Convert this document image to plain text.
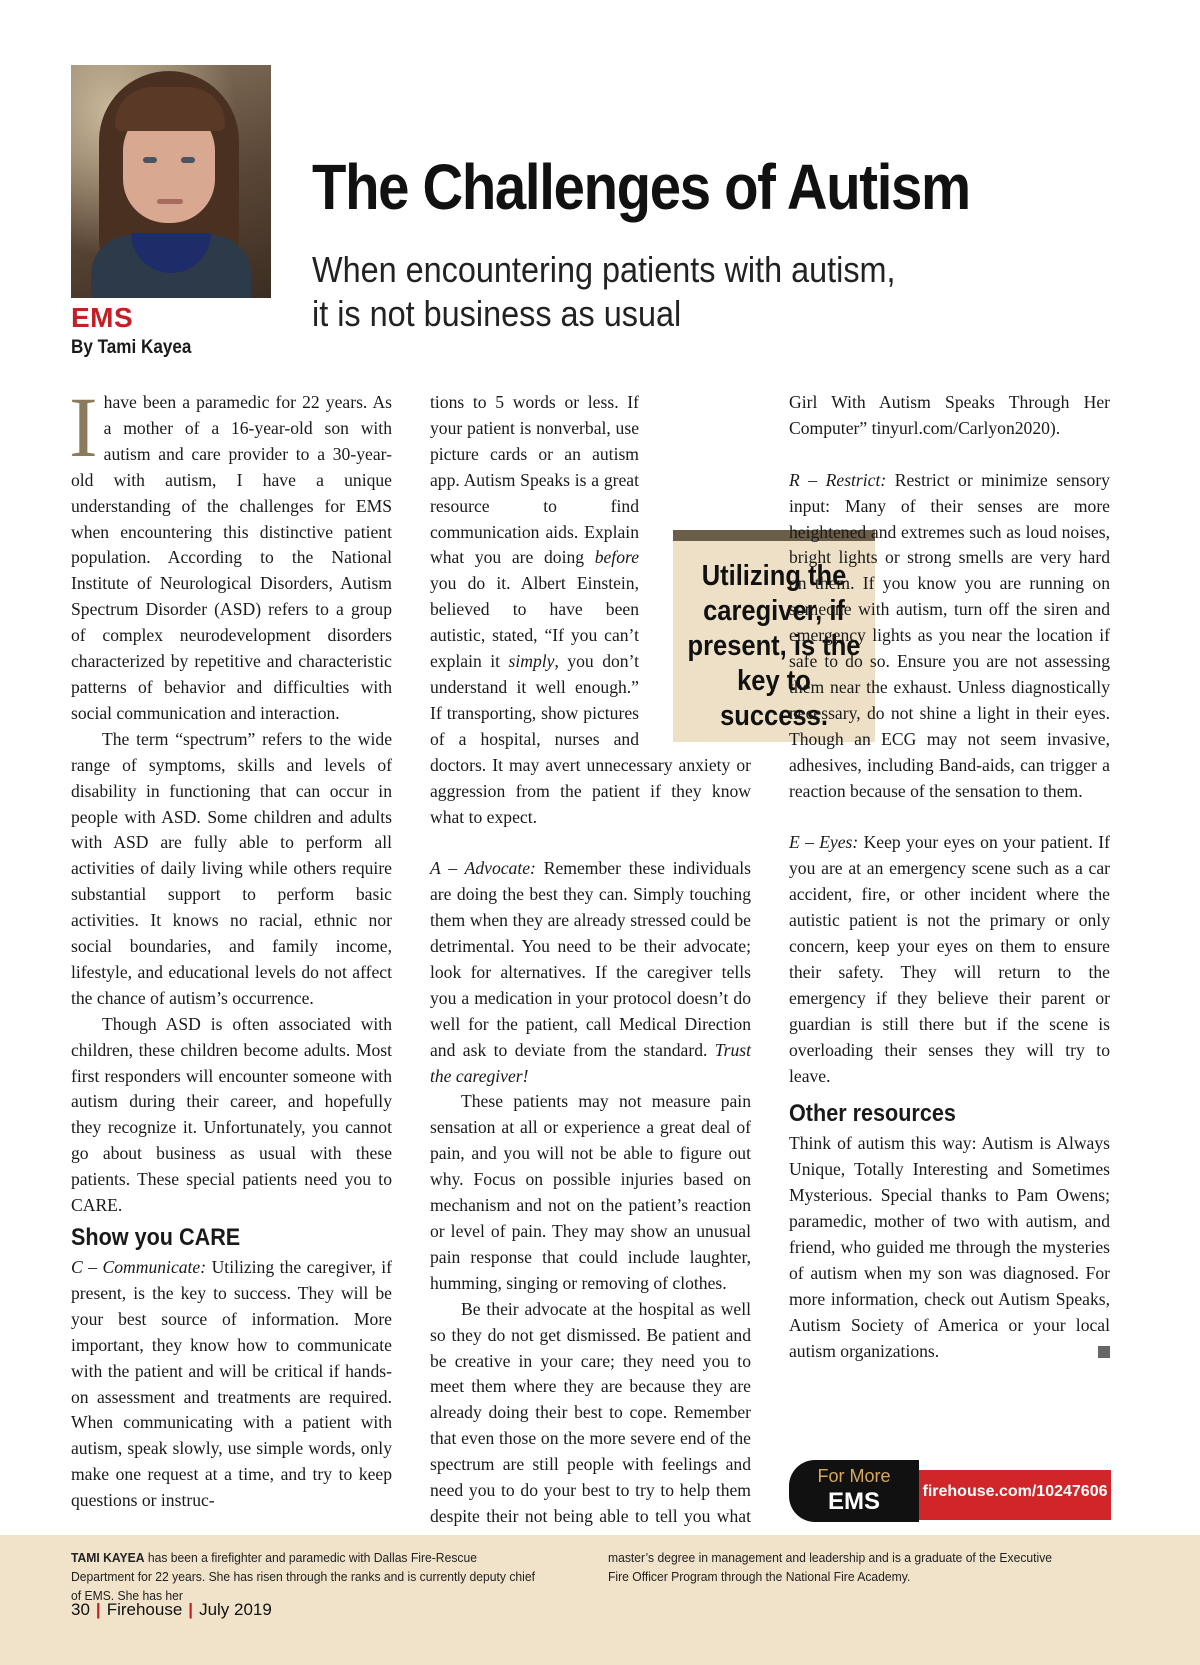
EMS
By Tami Kayea
The Challenges of Autism
When encountering patients with autism,
it is not business as usual

I have been a paramedic for 22 years. As a mother of a 16-year-old son with autism and care provider to a 30-year-old with autism, I have a unique understanding of the challenges for EMS when encountering this distinctive patient population. According to the National Institute of Neurological Disorders, Autism Spectrum Disorder (ASD) refers to a group of complex neurodevelopment disorders characterized by repetitive and characteristic patterns of behavior and difficulties with social communication and interaction.

The term “spectrum” refers to the wide range of symptoms, skills and levels of disability in functioning that can occur in people with ASD. Some children and adults with ASD are fully able to perform all activities of daily living while others require substantial support to perform basic activities. It knows no racial, ethnic nor social boundaries, and family income, lifestyle, and educational levels do not affect the chance of autism’s occurrence.

Though ASD is often associated with children, these children become adults. Most first responders will encounter someone with autism during their career, and hopefully they recognize it. Unfortunately, you cannot go about business as usual with these patients. These special patients need you to CARE.

Show you CARE

C – Communicate: Utilizing the caregiver, if present, is the key to success. They will be your best source of information. More important, they know how to communicate with the patient and will be critical if hands-on assessment and treatments are required. When communicating with a patient with autism, speak slowly, use simple words, only make one request at a time, and try to keep questions or instruc-

tions to 5 words or less. If your patient is nonverbal, use picture cards or an autism app. Autism Speaks is a great resource to find communication aids. Explain what you are doing before you do it. Albert Einstein, believed to have been autistic, stated, “If you can’t explain it simply, you don’t understand it well enough.” If transporting, show pictures of a hospital, nurses and doctors. It may avert unnecessary anxiety or aggression from the patient if they know what to expect.

A – Advocate: Remember these individuals are doing the best they can. Simply touching them when they are already stressed could be detrimental. You need to be their advocate; look for alternatives. If the caregiver tells you a medication in your protocol doesn’t do well for the patient, call Medical Direction and ask to deviate from the standard. Trust the caregiver!

These patients may not measure pain sensation at all or experience a great deal of pain, and you will not be able to figure out why. Focus on possible injuries based on mechanism and not on the patient’s reaction or level of pain. They may show an unusual pain response that could include laughter, humming, singing or removing of clothes.

Be their advocate at the hospital as well so they do not get dismissed. Be patient and be creative in your care; they need you to meet them where they are because they are already doing their best to cope. Remember that even those on the more severe end of the spectrum are still people with feelings and need you to do your best to try to help them despite their not being able to tell you what

Utilizing the caregiver, if present, is the key to success.

Girl With Autism Speaks Through Her Computer” tinyurl.com/Carlyon2020).

R – Restrict: Restrict or minimize sensory input: Many of their senses are more heightened and extremes such as loud noises, bright lights or strong smells are very hard on them. If you know you are running on someone with autism, turn off the siren and emergency lights as you near the location if safe to do so. Ensure you are not assessing them near the exhaust. Unless diagnostically necessary, do not shine a light in their eyes. Though an ECG may not seem invasive, adhesives, including Band-aids, can trigger a reaction because of the sensation to them.

E – Eyes: Keep your eyes on your patient. If you are at an emergency scene such as a car accident, fire, or other incident where the autistic patient is not the primary or only concern, keep your eyes on them to ensure their safety. They will return to the emergency if they believe their parent or guardian is still there but if the scene is overloading their senses they will try to leave.

Other resources

Think of autism this way: Autism is Always Unique, Totally Interesting and Sometimes Mysterious. Special thanks to Pam Owens; paramedic, mother of two with autism, and friend, who guided me through the mysteries of autism when my son was diagnosed. For more information, check out Autism Speaks, Autism Society of America or your local autism organizations.

For More
EMS	firehouse.com/10247606
TAMI KAYEA has been a firefighter and paramedic with Dallas Fire-Rescue Department for 22 years. She has risen through the ranks and is currently deputy chief of EMS. She has her
master’s degree in management and leadership and is a graduate of the Executive Fire Officer Program through the National Fire Academy.
30 | Firehouse | July 2019
